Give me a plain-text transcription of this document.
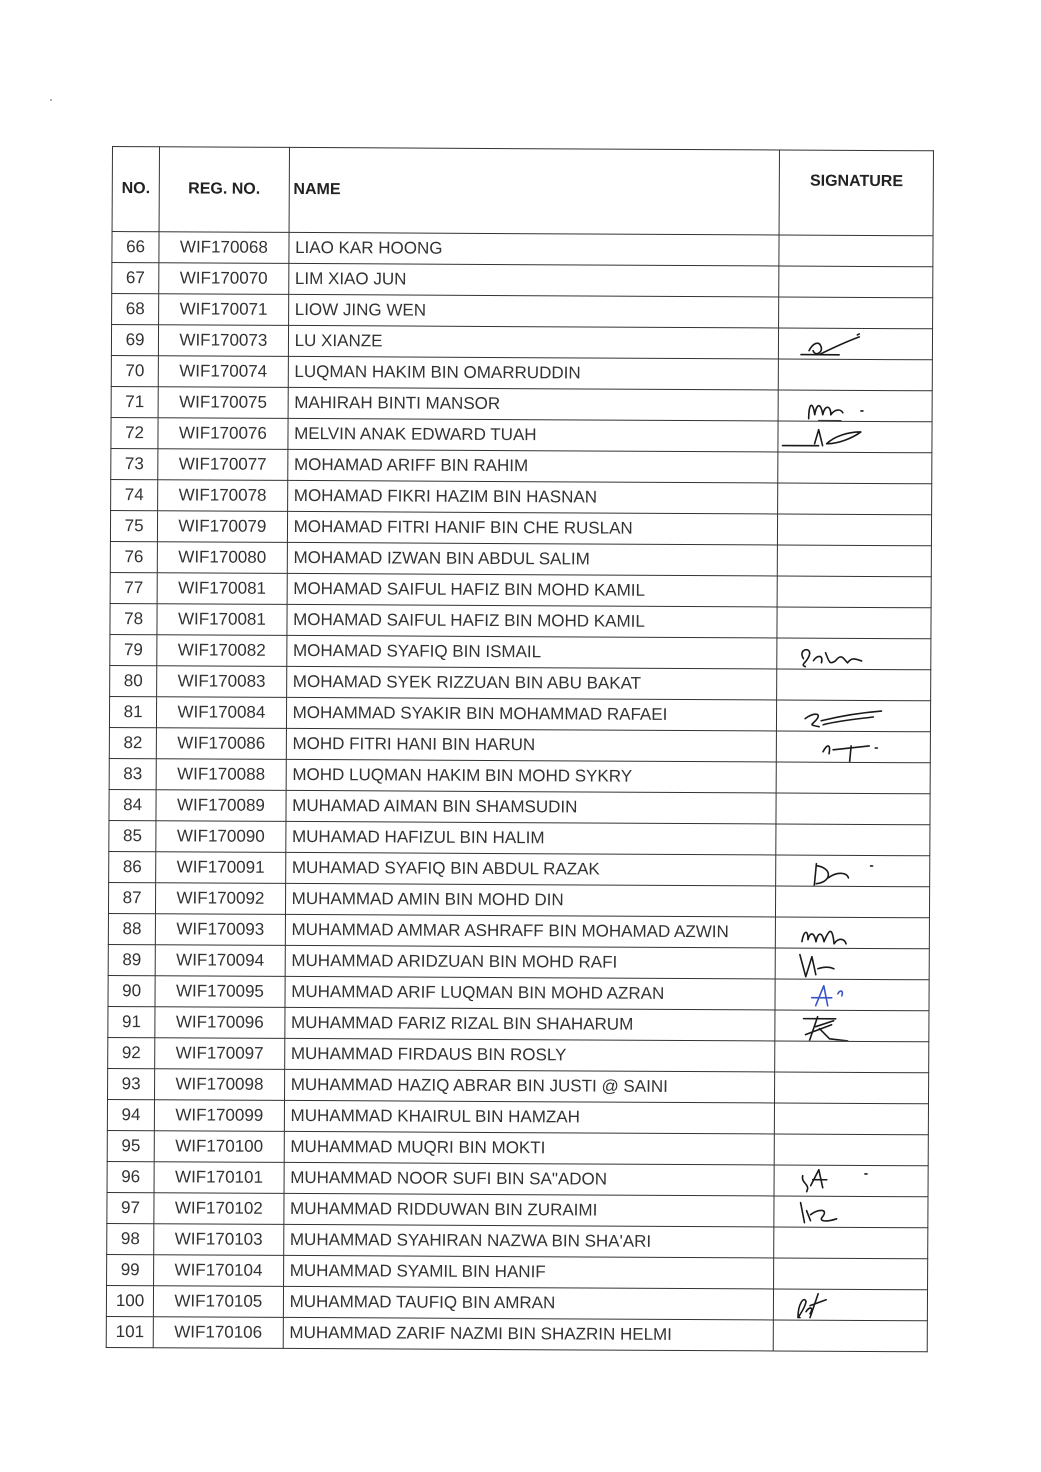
NO.	REG. NO.	NAME	SIGNATURE
66	WIF170068	LIAO KAR HOONG	
67	WIF170070	LIM XIAO JUN	
68	WIF170071	LIOW JING WEN	
69	WIF170073	LU XIANZE	

70	WIF170074	LUQMAN HAKIM BIN OMARRUDDIN	
71	WIF170075	MAHIRAH BINTI MANSOR	

72	WIF170076	MELVIN ANAK EDWARD TUAH	

73	WIF170077	MOHAMAD ARIFF BIN RAHIM	
74	WIF170078	MOHAMAD FIKRI HAZIM BIN HASNAN	
75	WIF170079	MOHAMAD FITRI HANIF BIN CHE RUSLAN	
76	WIF170080	MOHAMAD IZWAN BIN ABDUL SALIM	
77	WIF170081	MOHAMAD SAIFUL HAFIZ BIN MOHD KAMIL	
78	WIF170081	MOHAMAD SAIFUL HAFIZ BIN MOHD KAMIL	
79	WIF170082	MOHAMAD SYAFIQ BIN ISMAIL	

80	WIF170083	MOHAMAD SYEK RIZZUAN BIN ABU BAKAT	
81	WIF170084	MOHAMMAD SYAKIR BIN MOHAMMAD RAFAEI	

82	WIF170086	MOHD FITRI HANI BIN HARUN	

83	WIF170088	MOHD LUQMAN HAKIM BIN MOHD SYKRY	
84	WIF170089	MUHAMAD AIMAN BIN SHAMSUDIN	
85	WIF170090	MUHAMAD HAFIZUL BIN HALIM	
86	WIF170091	MUHAMAD SYAFIQ BIN ABDUL RAZAK	

87	WIF170092	MUHAMMAD AMIN BIN MOHD DIN	
88	WIF170093	MUHAMMAD AMMAR ASHRAFF BIN MOHAMAD AZWIN	

89	WIF170094	MUHAMMAD ARIDZUAN BIN MOHD RAFI	

90	WIF170095	MUHAMMAD ARIF LUQMAN BIN MOHD AZRAN	

91	WIF170096	MUHAMMAD FARIZ RIZAL BIN SHAHARUM	

92	WIF170097	MUHAMMAD FIRDAUS BIN ROSLY	
93	WIF170098	MUHAMMAD HAZIQ ABRAR BIN JUSTI @ SAINI	
94	WIF170099	MUHAMMAD KHAIRUL BIN HAMZAH	
95	WIF170100	MUHAMMAD MUQRI BIN MOKTI	
96	WIF170101	MUHAMMAD NOOR SUFI BIN SA"ADON	

97	WIF170102	MUHAMMAD RIDDUWAN BIN ZURAIMI	

98	WIF170103	MUHAMMAD SYAHIRAN NAZWA BIN SHA'ARI	
99	WIF170104	MUHAMMAD SYAMIL BIN HANIF	
100	WIF170105	MUHAMMAD TAUFIQ BIN AMRAN	

101	WIF170106	MUHAMMAD ZARIF NAZMI BIN SHAZRIN HELMI	
